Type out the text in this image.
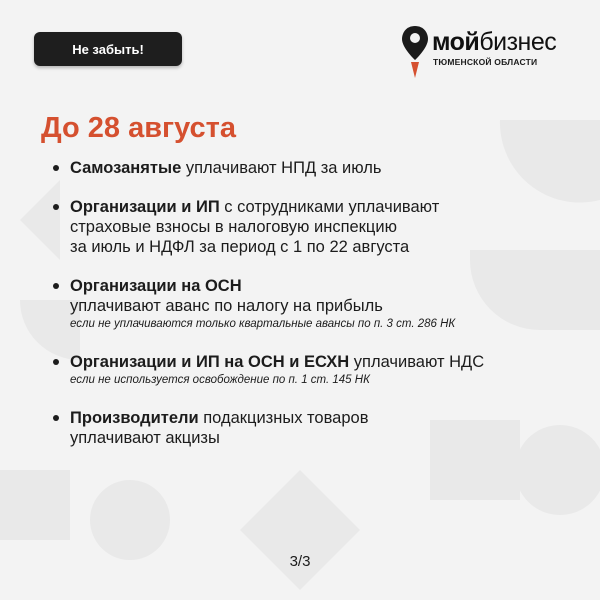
Не забыть!	мойбизнес
ТЮМЕНСКОЙ ОБЛАСТИ
До 28 августа
Самозанятые уплачивают НПД за июль
Организации и ИП с сотрудниками уплачивают
страховые взносы в налоговую инспекцию
за июль и НДФЛ за период с 1 по 22 августа
Организации на ОСН
уплачивают аванс по налогу на прибыль
если не уплачиваются только квартальные авансы по п. 3 ст. 286 НК
Организации и ИП на ОСН и ЕСХН уплачивают НДС
если не используется освобождение по п. 1 ст. 145 НК
Производители подакцизных товаров
уплачивают акцизы
3/3
